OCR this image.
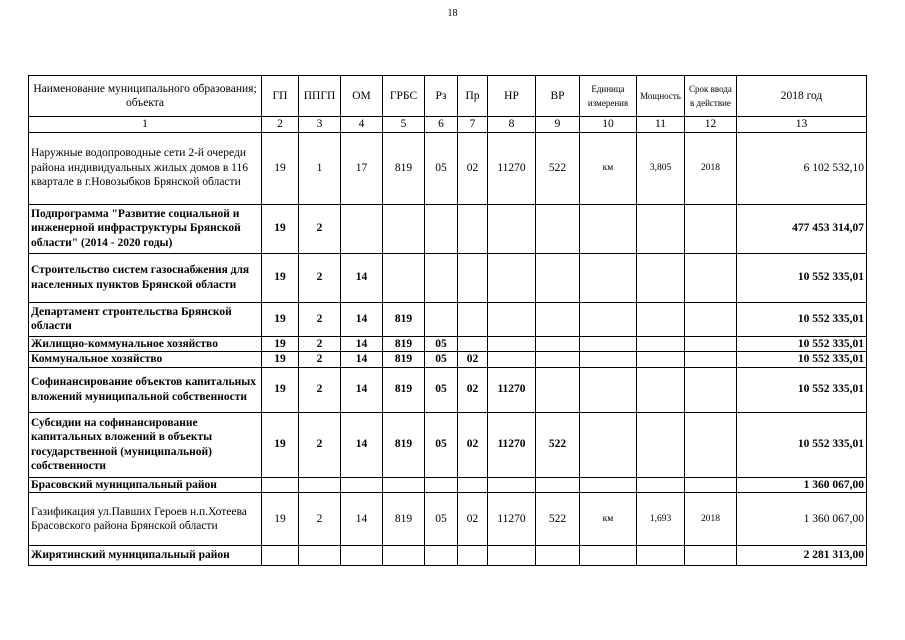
18
Наименование муниципального образования; объекта	ГП	ППГП	ОМ	ГРБС	Рз	Пр	НР	ВР	Единица измерения	Мощность	Срок ввода в действие	2018 год
1	2	3	4	5	6	7	8	9	10	11	12	13
Наружные водопроводные сети 2-й очереди района индивидуальных жилых домов в 116 квартале в г.Новозыбков Брянской области	19	1	17	819	05	02	11270	522	км	3,805	2018	6 102 532,10
Подпрограмма "Развитие социальной и инженерной инфраструктуры Брянской области" (2014 - 2020 годы)	19	2										477 453 314,07
Строительство систем газоснабжения для населенных пунктов Брянской области	19	2	14									10 552 335,01
Департамент строительства Брянской области	19	2	14	819								10 552 335,01
Жилищно-коммунальное хозяйство	19	2	14	819	05							10 552 335,01
Коммунальное хозяйство	19	2	14	819	05	02						10 552 335,01
Софинансирование объектов капитальных вложений муниципальной собственности	19	2	14	819	05	02	11270					10 552 335,01
Субсидии на софинансирование капитальных вложений в объекты государственной (муниципальной) собственности	19	2	14	819	05	02	11270	522				10 552 335,01
Брасовский муниципальный район												1 360 067,00
Газификация ул.Павших Героев н.п.Хотеева Брасовского района Брянской области	19	2	14	819	05	02	11270	522	км	1,693	2018	1 360 067,00
Жирятинский муниципальный район												2 281 313,00
